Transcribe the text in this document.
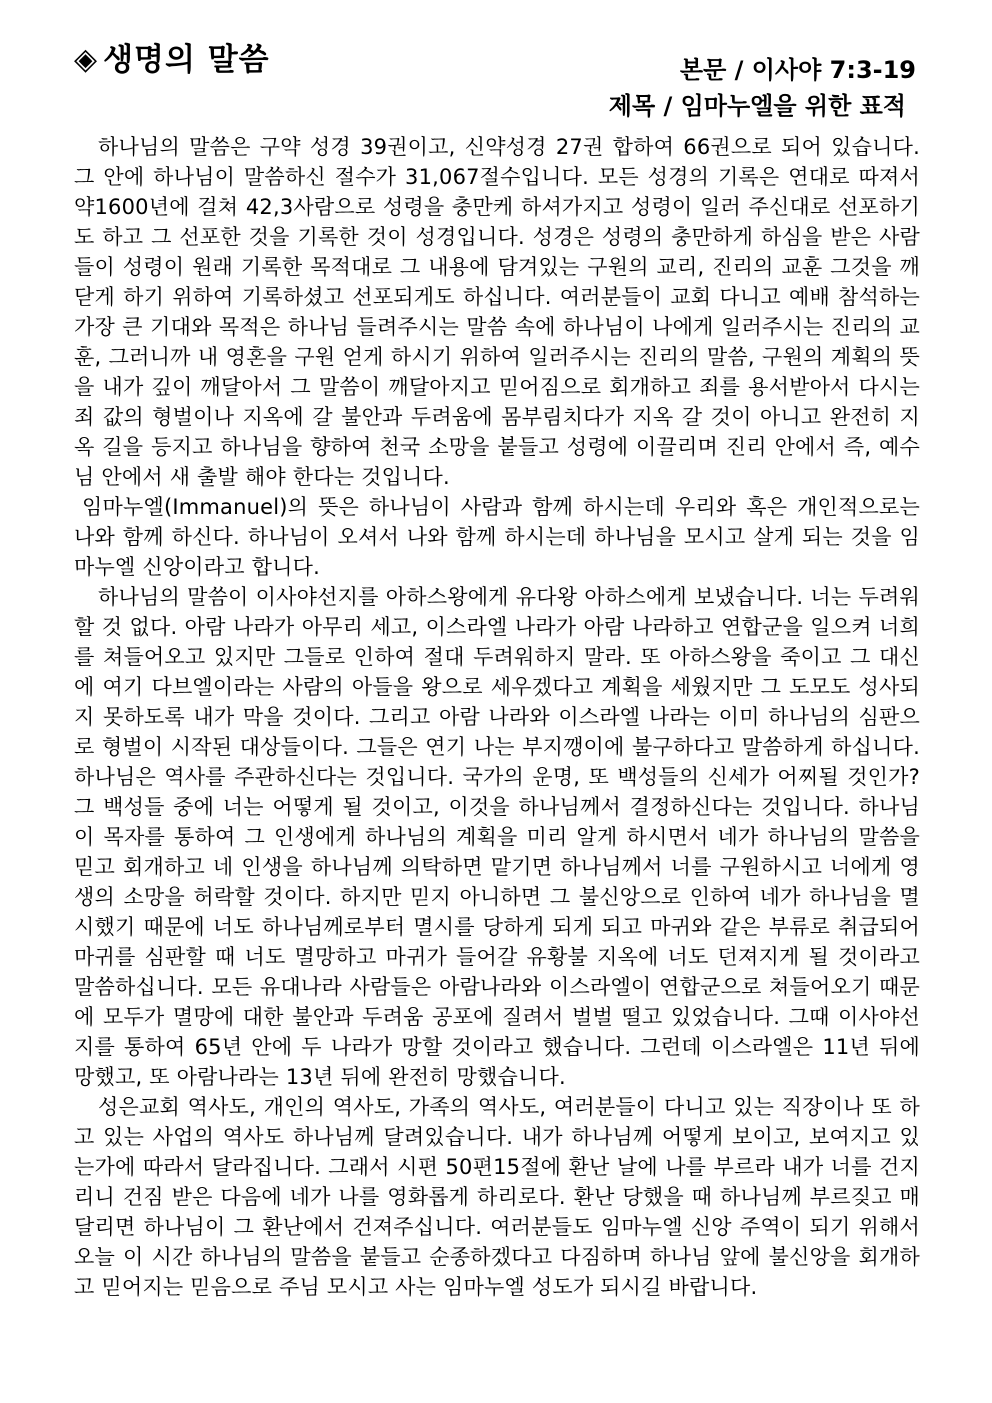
◈ 생명의 말씀	본문 / 이사야 7:3-19
제목 / 임마누엘을 위한 표적

하나님의 말씀은 구약 성경 39권이고, 신약성경 27권 합하여 66권으로 되어 있습니다. 그 안에 하나님이 말씀하신 절수가 31,067절수입니다. 모든 성경의 기록은 연대로 따져서 약1600년에 걸쳐 42,3사람으로 성령을 충만케 하셔가지고 성령이 일러 주신대로 선포하기도 하고 그 선포한 것을 기록한 것이 성경입니다. 성경은 성령의 충만하게 하심을 받은 사람들이 성령이 원래 기록한 목적대로 그 내용에 담겨있는 구원의 교리, 진리의 교훈 그것을 깨닫게 하기 위하여 기록하셨고 선포되게도 하십니다. 여러분들이 교회 다니고 예배 참석하는 가장 큰 기대와 목적은 하나님 들려주시는 말씀 속에 하나님이 나에게 일러주시는 진리의 교훈, 그러니까 내 영혼을 구원 얻게 하시기 위하여 일러주시는 진리의 말씀, 구원의 계획의 뜻을 내가 깊이 깨달아서 그 말씀이 깨달아지고 믿어짐으로 회개하고 죄를 용서받아서 다시는 죄 값의 형벌이나 지옥에 갈 불안과 두려움에 몸부림치다가 지옥 갈 것이 아니고 완전히 지옥 길을 등지고 하나님을 향하여 천국 소망을 붙들고 성령에 이끌리며 진리 안에서 즉, 예수님 안에서 새 출발 해야 한다는 것입니다.

임마누엘(Immanuel)의 뜻은 하나님이 사람과 함께 하시는데 우리와 혹은 개인적으로는 나와 함께 하신다. 하나님이 오셔서 나와 함께 하시는데 하나님을 모시고 살게 되는 것을 임마누엘 신앙이라고 합니다.

하나님의 말씀이 이사야선지를 아하스왕에게 유다왕 아하스에게 보냈습니다. 너는 두려워할 것 없다. 아람 나라가 아무리 세고, 이스라엘 나라가 아람 나라하고 연합군을 일으켜 너희를 쳐들어오고 있지만 그들로 인하여 절대 두려워하지 말라. 또 아하스왕을 죽이고 그 대신에 여기 다브엘이라는 사람의 아들을 왕으로 세우겠다고 계획을 세웠지만 그 도모도 성사되지 못하도록 내가 막을 것이다. 그리고 아람 나라와 이스라엘 나라는 이미 하나님의 심판으로 형벌이 시작된 대상들이다. 그들은 연기 나는 부지깽이에 불구하다고 말씀하게 하십니다. 하나님은 역사를 주관하신다는 것입니다. 국가의 운명, 또 백성들의 신세가 어찌될 것인가? 그 백성들 중에 너는 어떻게 될 것이고, 이것을 하나님께서 결정하신다는 것입니다. 하나님이 목자를 통하여 그 인생에게 하나님의 계획을 미리 알게 하시면서 네가 하나님의 말씀을 믿고 회개하고 네 인생을 하나님께 의탁하면 맡기면 하나님께서 너를 구원하시고 너에게 영생의 소망을 허락할 것이다. 하지만 믿지 아니하면 그 불신앙으로 인하여 네가 하나님을 멸시했기 때문에 너도 하나님께로부터 멸시를 당하게 되게 되고 마귀와 같은 부류로 취급되어 마귀를 심판할 때 너도 멸망하고 마귀가 들어갈 유황불 지옥에 너도 던져지게 될 것이라고 말씀하십니다. 모든 유대나라 사람들은 아람나라와 이스라엘이 연합군으로 쳐들어오기 때문에 모두가 멸망에 대한 불안과 두려움 공포에 질려서 벌벌 떨고 있었습니다. 그때 이사야선지를 통하여 65년 안에 두 나라가 망할 것이라고 했습니다. 그런데 이스라엘은 11년 뒤에 망했고, 또 아람나라는 13년 뒤에 완전히 망했습니다.

성은교회 역사도, 개인의 역사도, 가족의 역사도, 여러분들이 다니고 있는 직장이나 또 하고 있는 사업의 역사도 하나님께 달려있습니다. 내가 하나님께 어떻게 보이고, 보여지고 있는가에 따라서 달라집니다. 그래서 시편 50편15절에 환난 날에 나를 부르라 내가 너를 건지리니 건짐 받은 다음에 네가 나를 영화롭게 하리로다. 환난 당했을 때 하나님께 부르짖고 매달리면 하나님이 그 환난에서 건져주십니다. 여러분들도 임마누엘 신앙 주역이 되기 위해서 오늘 이 시간 하나님의 말씀을 붙들고 순종하겠다고 다짐하며 하나님 앞에 불신앙을 회개하고 믿어지는 믿음으로 주님 모시고 사는 임마누엘 성도가 되시길 바랍니다.
